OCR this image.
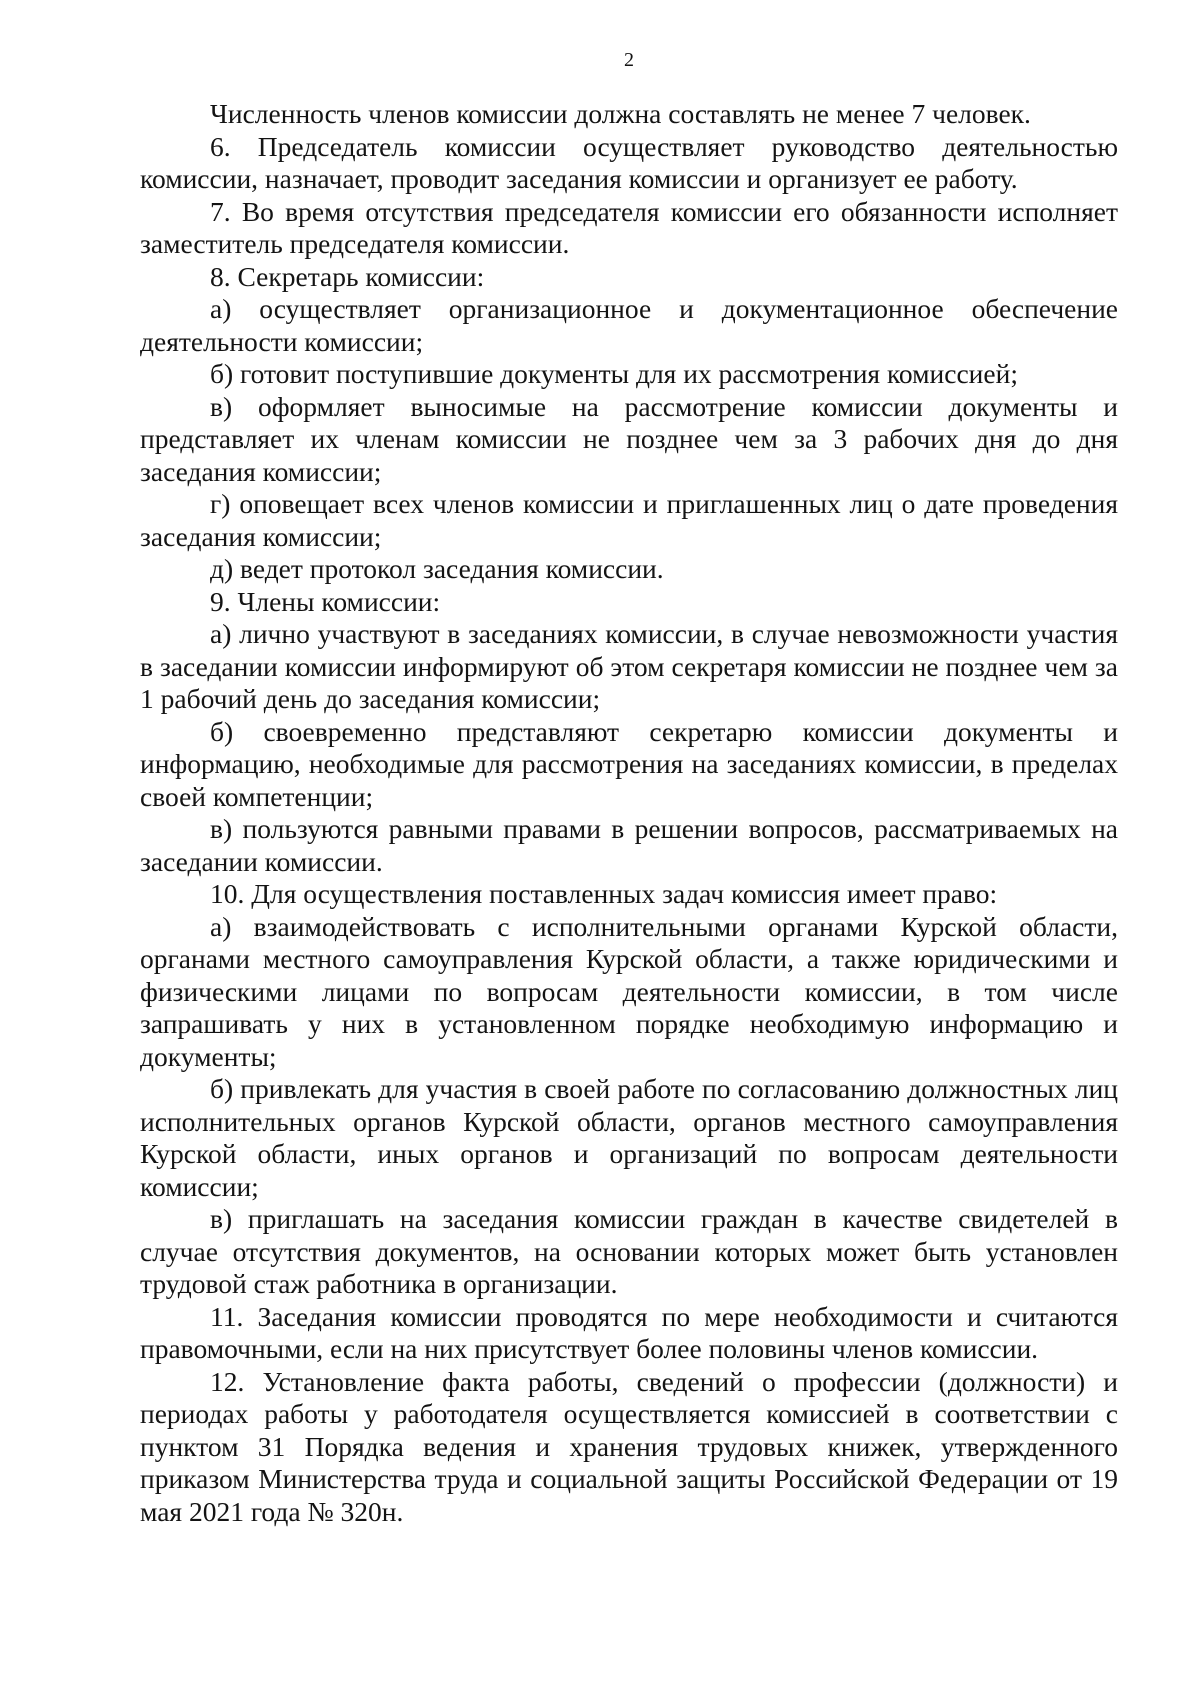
2

Численность членов комиссии должна составлять не менее 7 человек.

6. Председатель комиссии осуществляет руководство деятельностью комиссии, назначает, проводит заседания комиссии и организует ее работу.

7. Во время отсутствия председателя комиссии его обязанности исполняет заместитель председателя комиссии.

8. Секретарь комиссии:

а) осуществляет организационное и документационное обеспечение деятельности комиссии;

б) готовит поступившие документы для их рассмотрения комиссией;

в) оформляет выносимые на рассмотрение комиссии документы и представляет их членам комиссии не позднее чем за 3 рабочих дня до дня заседания комиссии;

г) оповещает всех членов комиссии и приглашенных лиц о дате проведения заседания комиссии;

д) ведет протокол заседания комиссии.

9. Члены комиссии:

а) лично участвуют в заседаниях комиссии, в случае невозможности участия в заседании комиссии информируют об этом секретаря комиссии не позднее чем за 1 рабочий день до заседания комиссии;

б) своевременно представляют секретарю комиссии документы и информацию, необходимые для рассмотрения на заседаниях комиссии, в пределах своей компетенции;

в) пользуются равными правами в решении вопросов, рассматриваемых на заседании комиссии.

10. Для осуществления поставленных задач комиссия имеет право:

а) взаимодействовать с исполнительными органами Курской области, органами местного самоуправления Курской области, а также юридическими и физическими лицами по вопросам деятельности комиссии, в том числе запрашивать у них в установленном порядке необходимую информацию и документы;

б) привлекать для участия в своей работе по согласованию должностных лиц исполнительных органов Курской области, органов местного самоуправления Курской области, иных органов и организаций по вопросам деятельности комиссии;

в) приглашать на заседания комиссии граждан в качестве свидетелей в случае отсутствия документов, на основании которых может быть установлен трудовой стаж работника в организации.

11. Заседания комиссии проводятся по мере необходимости и считаются правомочными, если на них присутствует более половины членов комиссии.

12. Установление факта работы, сведений о профессии (должности) и периодах работы у работодателя осуществляется комиссией в соответствии с пунктом 31 Порядка ведения и хранения трудовых книжек, утвержденного приказом Министерства труда и социальной защиты Российской Федерации от 19 мая 2021 года № 320н.
